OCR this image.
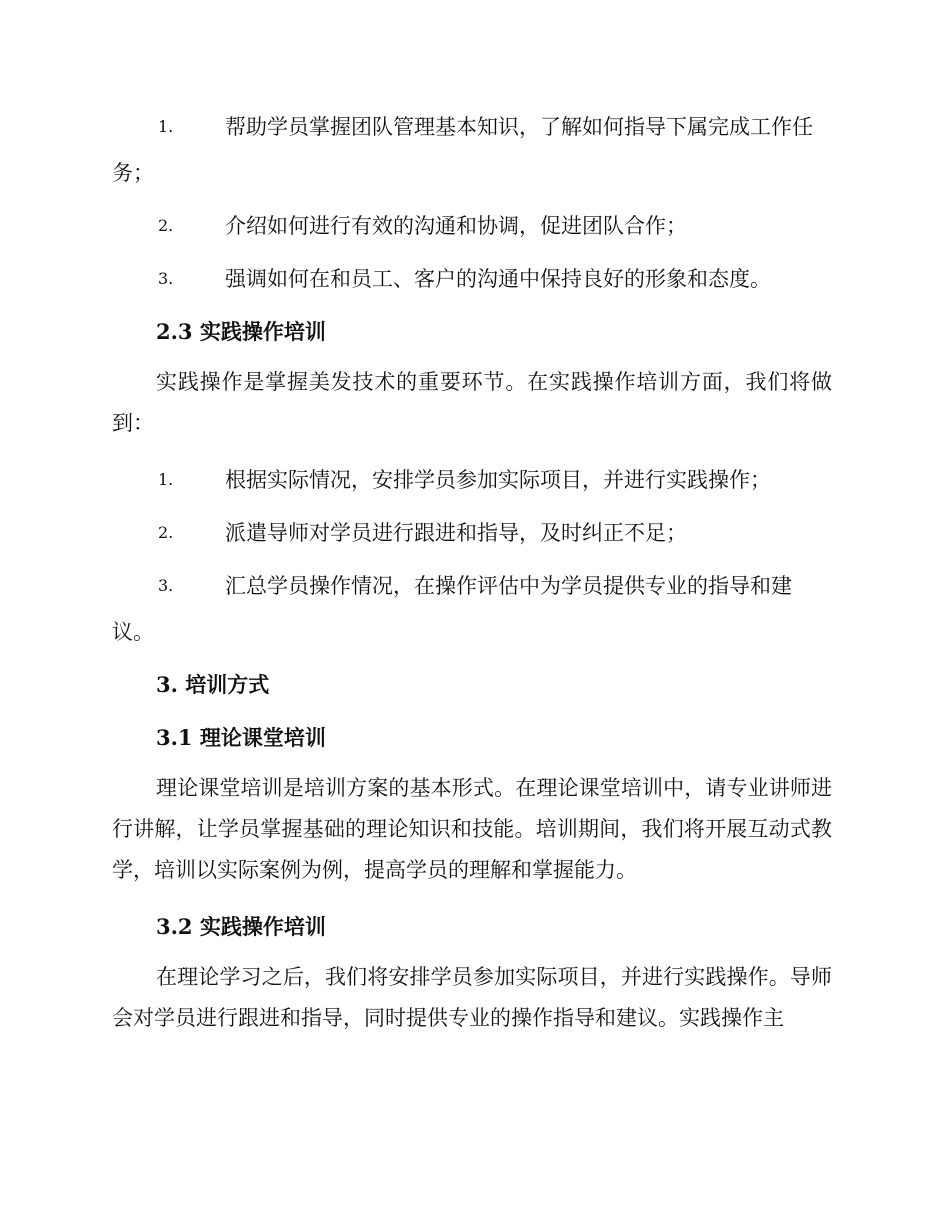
1. 帮助学员掌握团队管理基本知识，了解如何指导下属完成工作任务；
2. 介绍如何进行有效的沟通和协调，促进团队合作；
3. 强调如何在和员工、客户的沟通中保持良好的形象和态度。
2.3 实践操作培训
实践操作是掌握美发技术的重要环节。在实践操作培训方面，我们将做到：
1. 根据实际情况，安排学员参加实际项目，并进行实践操作；
2. 派遣导师对学员进行跟进和指导，及时纠正不足；
3. 汇总学员操作情况，在操作评估中为学员提供专业的指导和建议。
3. 培训方式
3.1 理论课堂培训
理论课堂培训是培训方案的基本形式。在理论课堂培训中，请专业讲师进行讲解，让学员掌握基础的理论知识和技能。培训期间，我们将开展互动式教学，培训以实际案例为例，提高学员的理解和掌握能力。
3.2 实践操作培训
在理论学习之后，我们将安排学员参加实际项目，并进行实践操作。导师会对学员进行跟进和指导，同时提供专业的操作指导和建议。实践操作主
